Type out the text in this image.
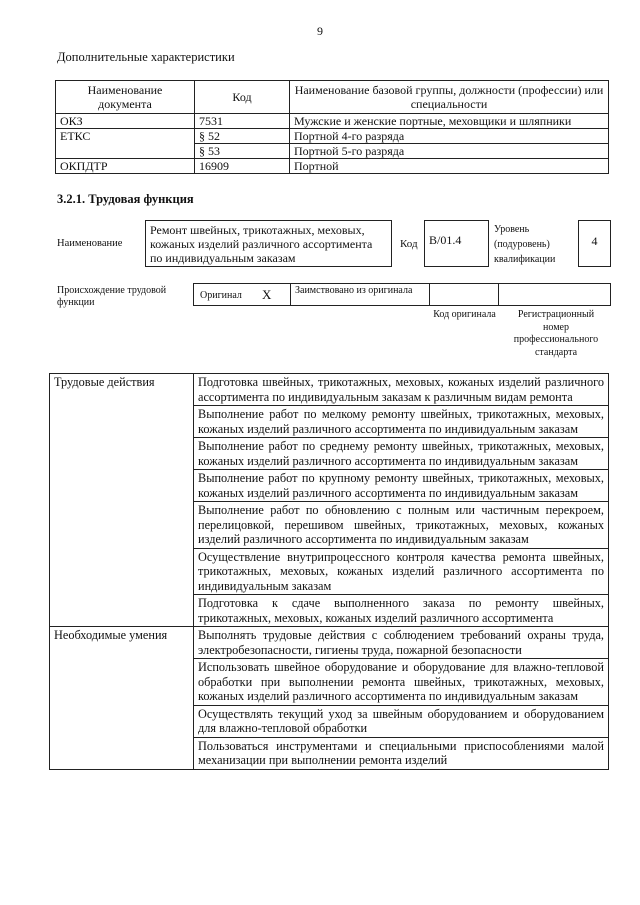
9
Дополнительные характеристики
Наименование документа	Код	Наименование базовой группы, должности (профессии) или специальности
ОКЗ	7531	Мужские и женские портные, меховщики и шляпники
ЕТКС	§ 52	Портной 4-го разряда
	§ 53	Портной 5-го разряда
ОКПДТР	16909	Портной
3.2.1. Трудовая функция
Наименование
Ремонт швейных, трикотажных, меховых, кожаных изделий различного ассортимента по индивидуальным заказам
Код B/01.4
Уровень (подуровень) квалификации
4
Происхождение трудовой функции
Оригинал X	Заимствовано из оригинала
Код оригинала	Регистрационный номер профессионального стандарта
Трудовые действия	Подготовка швейных, трикотажных, меховых, кожаных изделий различного ассортимента по индивидуальным заказам к различным видам ремонта
	Выполнение работ по мелкому ремонту швейных, трикотажных, меховых, кожаных изделий различного ассортимента по индивидуальным заказам
	Выполнение работ по среднему ремонту швейных, трикотажных, меховых, кожаных изделий различного ассортимента по индивидуальным заказам
	Выполнение работ по крупному ремонту швейных, трикотажных, меховых, кожаных изделий различного ассортимента по индивидуальным заказам
	Выполнение работ по обновлению с полным или частичным перекроем, перелицовкой, перешивом швейных, трикотажных, меховых, кожаных изделий различного ассортимента по индивидуальным заказам
	Осуществление внутрипроцессного контроля качества ремонта швейных, трикотажных, меховых, кожаных изделий различного ассортимента по индивидуальным заказам
	Подготовка к сдаче выполненного заказа по ремонту швейных, трикотажных, меховых, кожаных изделий различного ассортимента
Необходимые умения	Выполнять трудовые действия с соблюдением требований охраны труда, электробезопасности, гигиены труда, пожарной безопасности
	Использовать швейное оборудование и оборудование для влажно-тепловой обработки при выполнении ремонта швейных, трикотажных, меховых, кожаных изделий различного ассортимента по индивидуальным заказам
	Осуществлять текущий уход за швейным оборудованием и оборудованием для влажно-тепловой обработки
	Пользоваться инструментами и специальными приспособлениями малой механизации при выполнении ремонта изделий
